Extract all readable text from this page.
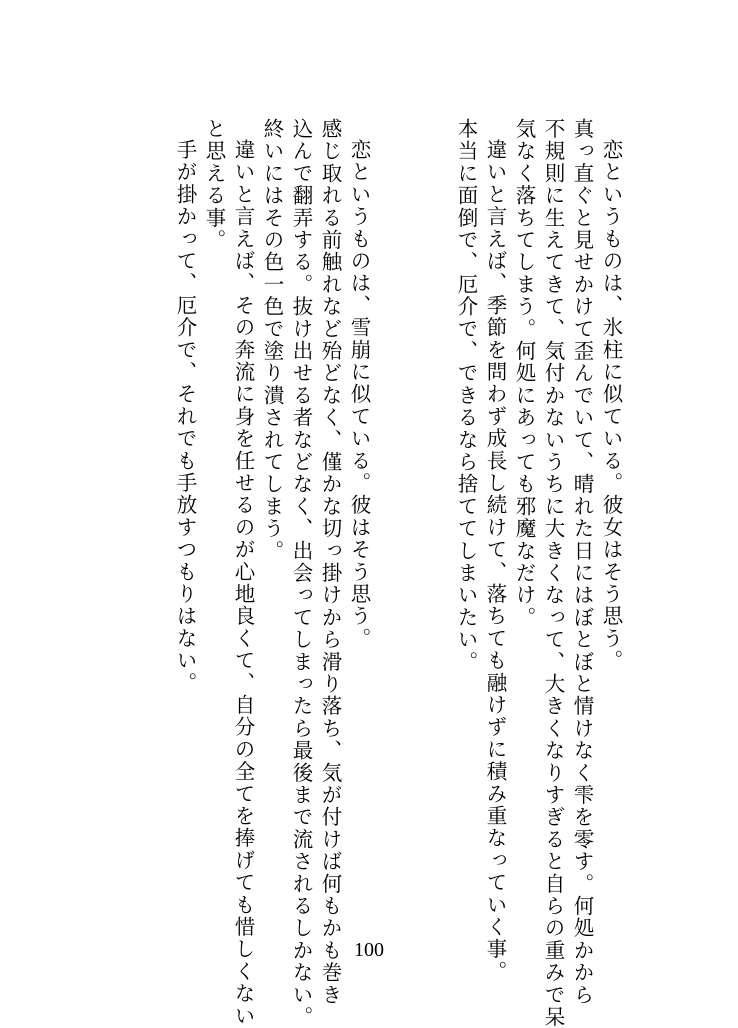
恋というものは、氷柱に似ている。彼女はそう思う。
真っ直ぐと見せかけて歪んでいて、晴れた日にはぼとぼと情けなく雫を零す。何処かから
不規則に生えてきて、気付かないうちに大きくなって、大きくなりすぎると自らの重みで呆
気なく落ちてしまう。何処にあっても邪魔なだけ。
違いと言えば、季節を問わず成長し続けて、落ちても融けずに積み重なっていく事。
本当に面倒で、厄介で、できるなら捨ててしまいたい。
恋というものは、雪崩に似ている。彼はそう思う。
感じ取れる前触れなど殆どなく、僅かな切っ掛けから滑り落ち、気が付けば何もかも巻き
込んで翻弄する。抜け出せる者などなく、出会ってしまったら最後まで流されるしかない。
終いにはその色一色で塗り潰されてしまう。
違いと言えば、その奔流に身を任せるのが心地良くて、自分の全てを捧げても惜しくない
と思える事。
手が掛かって、厄介で、それでも手放すつもりはない。
100
